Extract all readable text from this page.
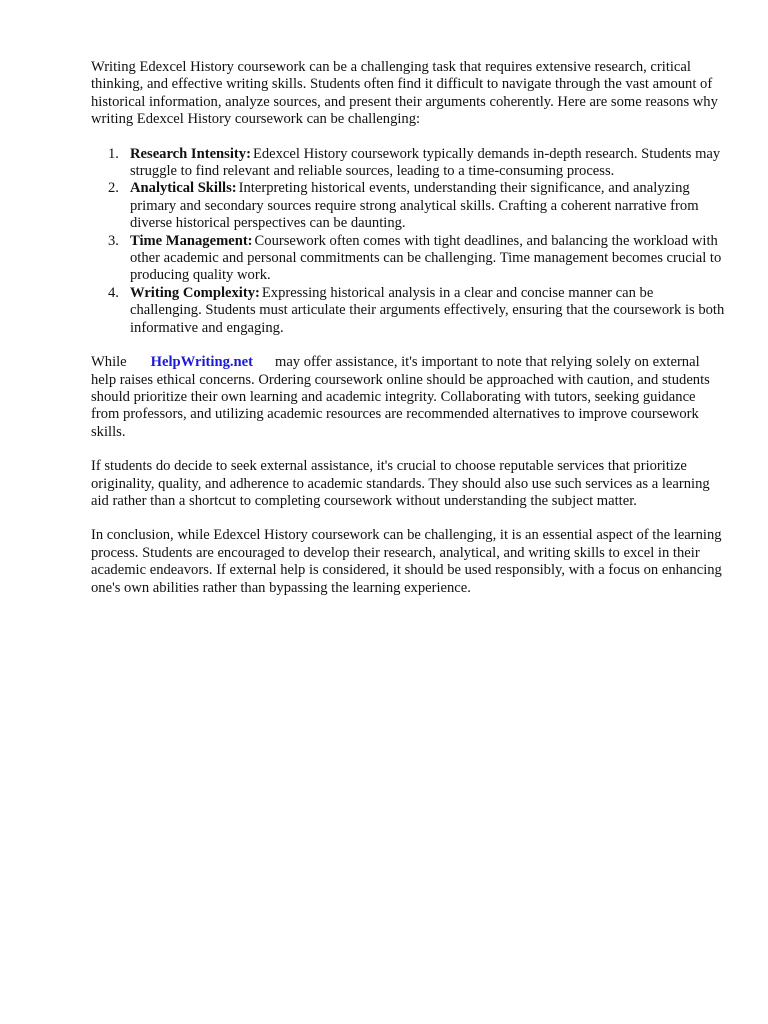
Writing Edexcel History coursework can be a challenging task that requires extensive research, critical thinking, and effective writing skills. Students often find it difficult to navigate through the vast amount of historical information, analyze sources, and present their arguments coherently. Here are some reasons why writing Edexcel History coursework can be challenging:

1. Research Intensity: Edexcel History coursework typically demands in-depth research. Students may struggle to find relevant and reliable sources, leading to a time-consuming process.
2. Analytical Skills: Interpreting historical events, understanding their significance, and analyzing primary and secondary sources require strong analytical skills. Crafting a coherent narrative from diverse historical perspectives can be daunting.
3. Time Management: Coursework often comes with tight deadlines, and balancing the workload with other academic and personal commitments can be challenging. Time management becomes crucial to producing quality work.
4. Writing Complexity: Expressing historical analysis in a clear and concise manner can be challenging. Students must articulate their arguments effectively, ensuring that the coursework is both informative and engaging.

While HelpWriting.net may offer assistance, it's important to note that relying solely on external help raises ethical concerns. Ordering coursework online should be approached with caution, and students should prioritize their own learning and academic integrity. Collaborating with tutors, seeking guidance from professors, and utilizing academic resources are recommended alternatives to improve coursework skills.

If students do decide to seek external assistance, it's crucial to choose reputable services that prioritize originality, quality, and adherence to academic standards. They should also use such services as a learning aid rather than a shortcut to completing coursework without understanding the subject matter.

In conclusion, while Edexcel History coursework can be challenging, it is an essential aspect of the learning process. Students are encouraged to develop their research, analytical, and writing skills to excel in their academic endeavors. If external help is considered, it should be used responsibly, with a focus on enhancing one's own abilities rather than bypassing the learning experience.
